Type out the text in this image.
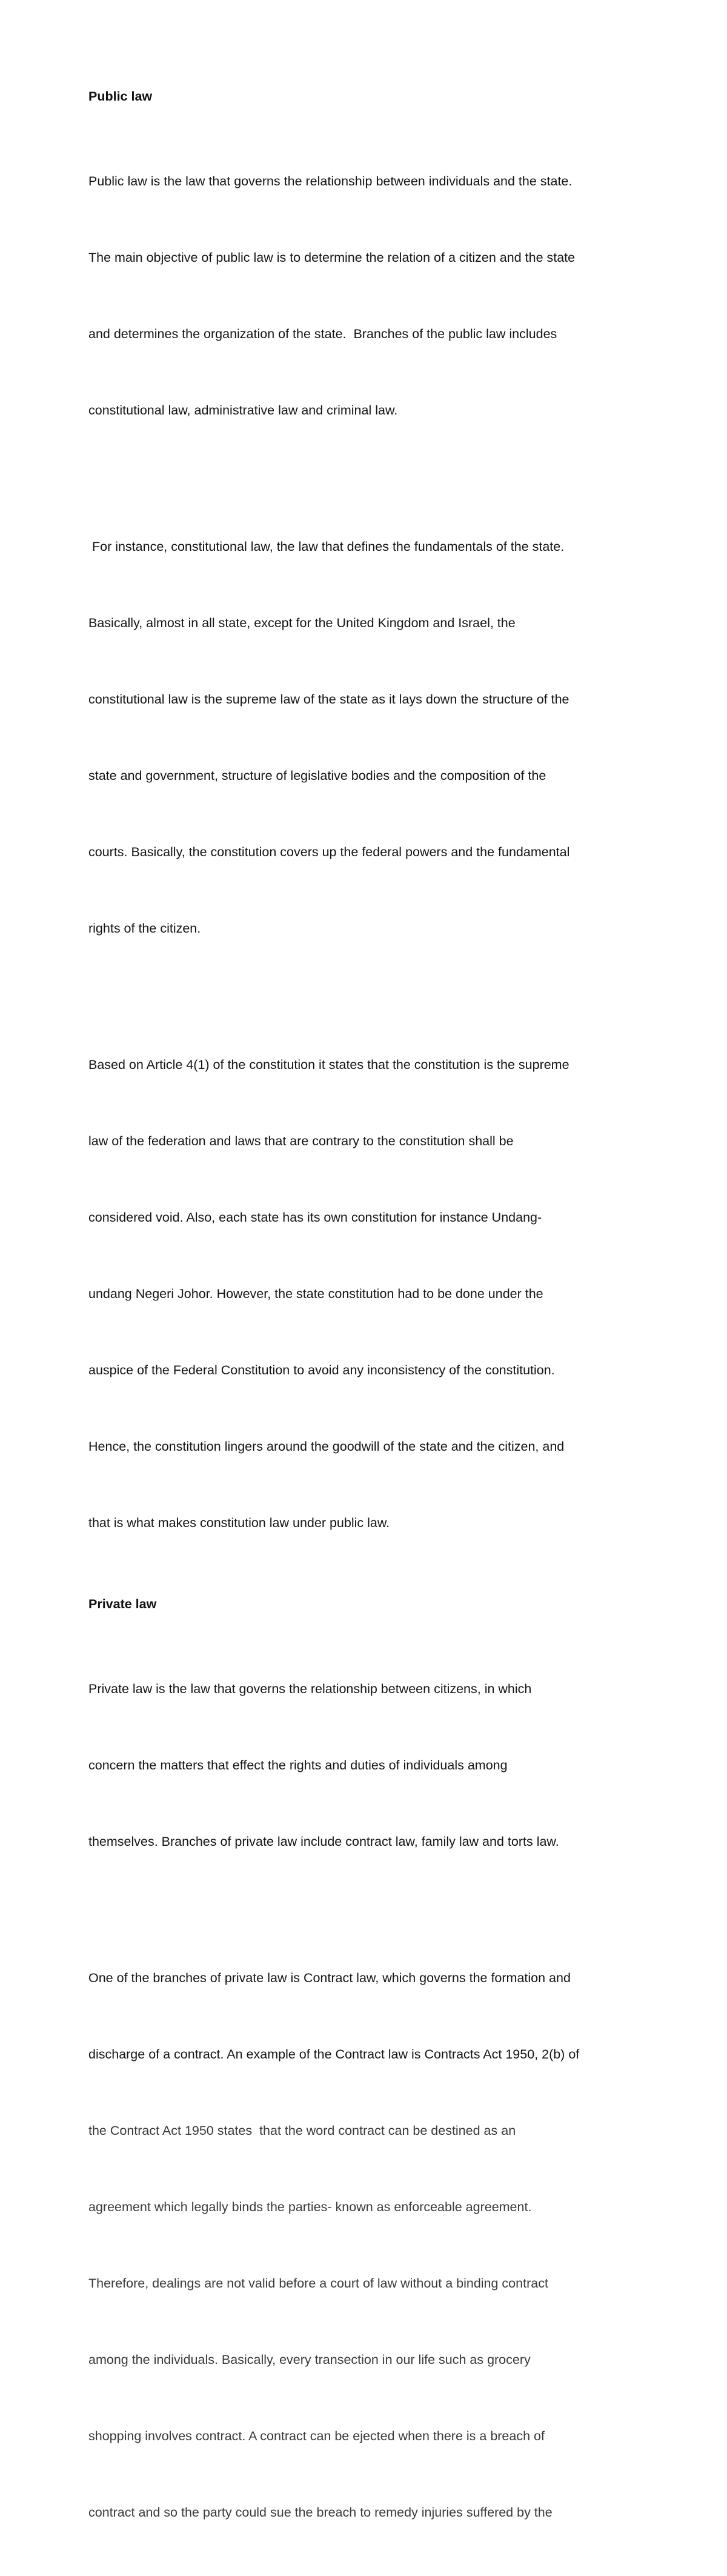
Public law

Public law is the law that governs the relationship between individuals and the state.

The main objective of public law is to determine the relation of a citizen and the state

and determines the organization of the state.  Branches of the public law includes

constitutional law, administrative law and criminal law.

For instance, constitutional law, the law that defines the fundamentals of the state.

Basically, almost in all state, except for the United Kingdom and Israel, the

constitutional law is the supreme law of the state as it lays down the structure of the

state and government, structure of legislative bodies and the composition of the

courts. Basically, the constitution covers up the federal powers and the fundamental

rights of the citizen.

Based on Article 4(1) of the constitution it states that the constitution is the supreme

law of the federation and laws that are contrary to the constitution shall be

considered void. Also, each state has its own constitution for instance Undang-

undang Negeri Johor. However, the state constitution had to be done under the

auspice of the Federal Constitution to avoid any inconsistency of the constitution.

Hence, the constitution lingers around the goodwill of the state and the citizen, and

that is what makes constitution law under public law.

Private law

Private law is the law that governs the relationship between citizens, in which

concern the matters that effect the rights and duties of individuals among

themselves. Branches of private law include contract law, family law and torts law.

One of the branches of private law is Contract law, which governs the formation and

discharge of a contract. An example of the Contract law is Contracts Act 1950, 2(b) of

the Contract Act 1950 states  that the word contract can be destined as an

agreement which legally binds the parties- known as enforceable agreement.

Therefore, dealings are not valid before a court of law without a binding contract

among the individuals. Basically, every transection in our life such as grocery

shopping involves contract. A contract can be ejected when there is a breach of

contract and so the party could sue the breach to remedy injuries suffered by the
